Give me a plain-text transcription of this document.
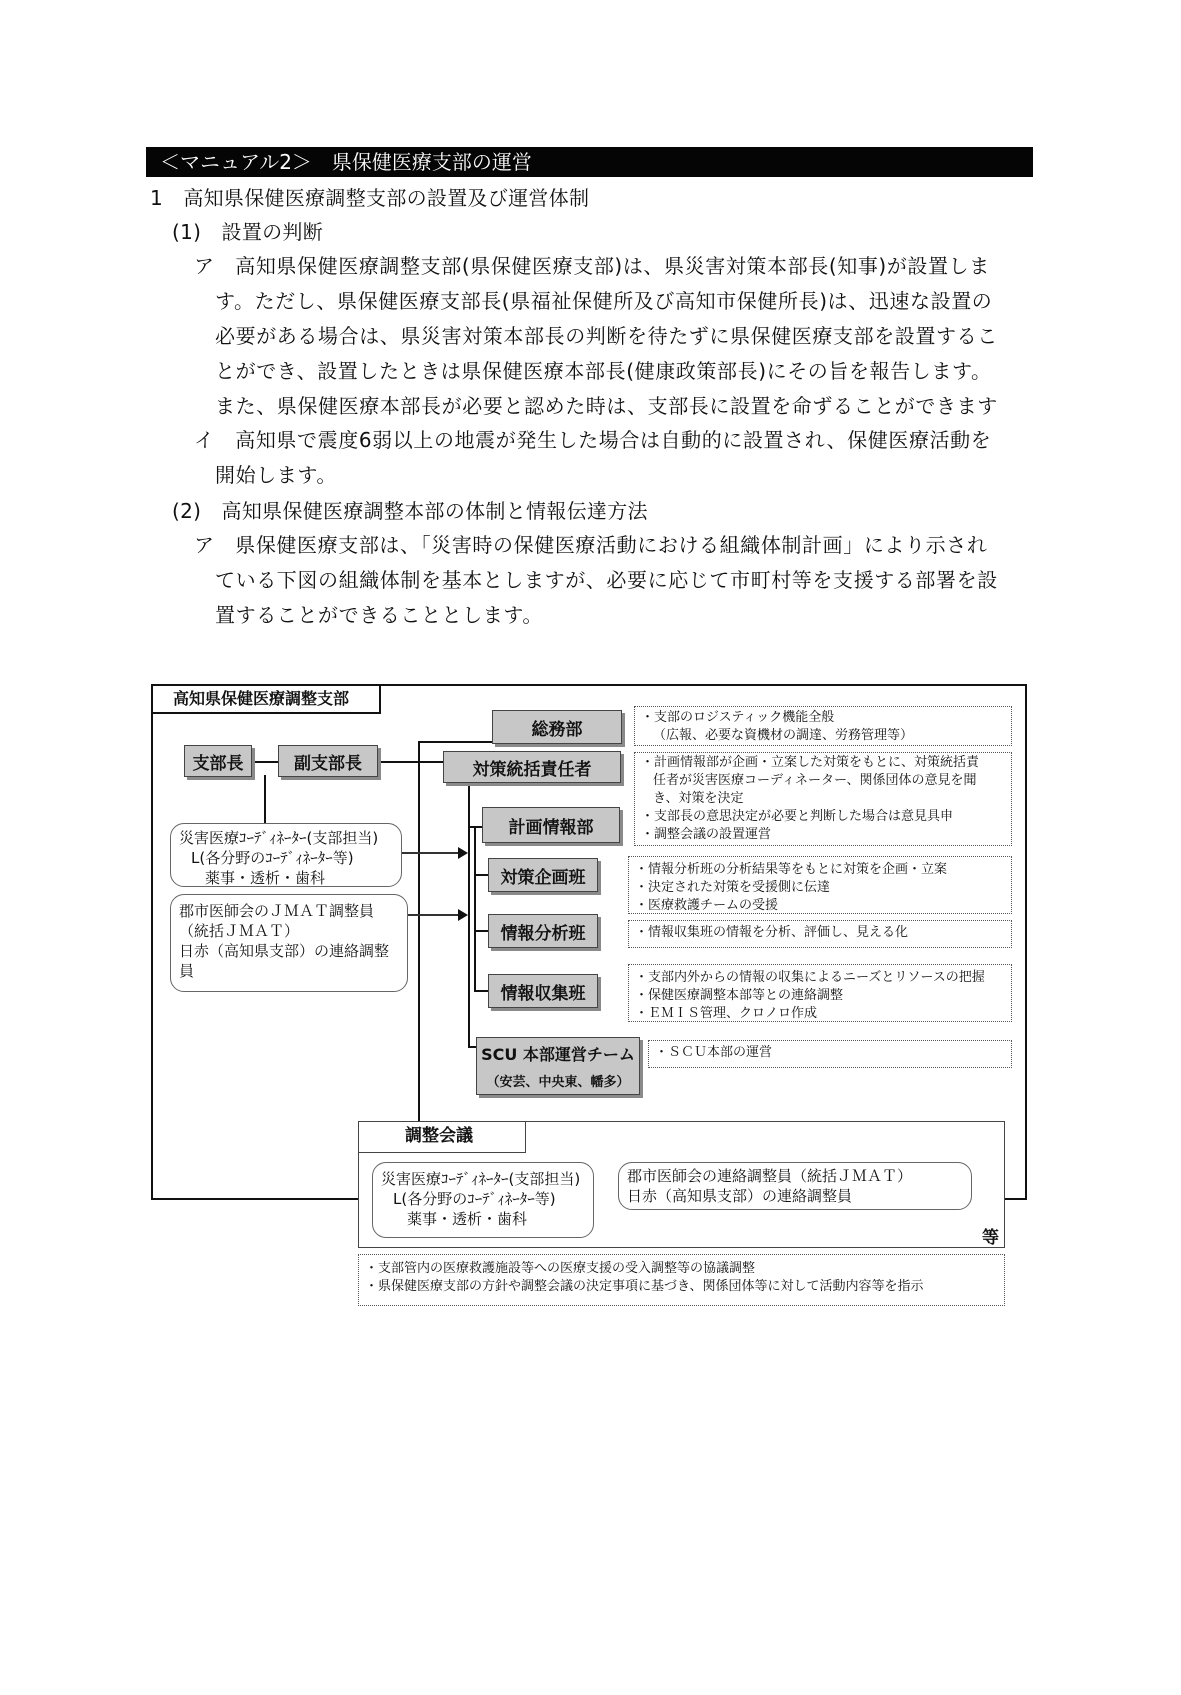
＜マニュアル2＞　県保健医療支部の運営
1　高知県保健医療調整支部の設置及び運営体制
(1)　設置の判断
ア　 高知県保健医療調整支部(県保健医療支部)は、県災害対策本部長(知事)が設置しま
す。ただし、県保健医療支部長(県福祉保健所及び高知市保健所長)は、迅速な設置の
必要がある場合は、県災害対策本部長の判断を待たずに県保健医療支部を設置するこ
とができ、設置したときは県保健医療本部長(健康政策部長)にその旨を報告します。
また、県保健医療本部長が必要と認めた時は、支部長に設置を命ずることができます
イ　 高知県で震度6弱以上の地震が発生した場合は自動的に設置され、保健医療活動を
開始します。
(2)　高知県保健医療調整本部の体制と情報伝達方法
ア　 県保健医療支部は、「災害時の保健医療活動における組織体制計画」により示され
ている下図の組織体制を基本としますが、必要に応じて市町村等を支援する部署を設
置することができることとします。
高知県保健医療調整支部
支部長	副支部長
総務部
対策統括責任者
計画情報部
対策企画班
情報分析班
情報収集班
SCU 本部運営チーム
（安芸、中央東、幡多）
・支部のロジスティック機能全般
（広報、必要な資機材の調達、労務管理等）
・計画情報部が企画・立案した対策をもとに、対策統括責
任者が災害医療コーディネーター、関係団体の意見を聞
き、対策を決定
・支部長の意思決定が必要と判断した場合は意見具申
・調整会議の設置運営
・情報分析班の分析結果等をもとに対策を企画・立案
・決定された対策を受援側に伝達
・医療救護チームの受援
・情報収集班の情報を分析、評価し、見える化
・支部内外からの情報の収集によるニーズとリソースの把握
・保健医療調整本部等との連絡調整
・ＥＭＩＳ管理、クロノロ作成
・ＳＣＵ本部の運営
災害医療ｺｰﾃﾞｨﾈｰﾀｰ(支部担当)
L(各分野のｺｰﾃﾞｨﾈｰﾀｰ等)
薬事・透析・歯科
郡市医師会のＪＭＡＴ調整員
（統括ＪＭＡＴ）
日赤（高知県支部）の連絡調整
員
調整会議
災害医療ｺｰﾃﾞｨﾈｰﾀｰ(支部担当)
L(各分野のｺｰﾃﾞｨﾈｰﾀｰ等)
薬事・透析・歯科
郡市医師会の連絡調整員（統括ＪＭＡＴ）
日赤（高知県支部）の連絡調整員
等
・支部管内の医療救護施設等への医療支援の受入調整等の協議調整
・県保健医療支部の方針や調整会議の決定事項に基づき、関係団体等に対して活動内容等を指示
